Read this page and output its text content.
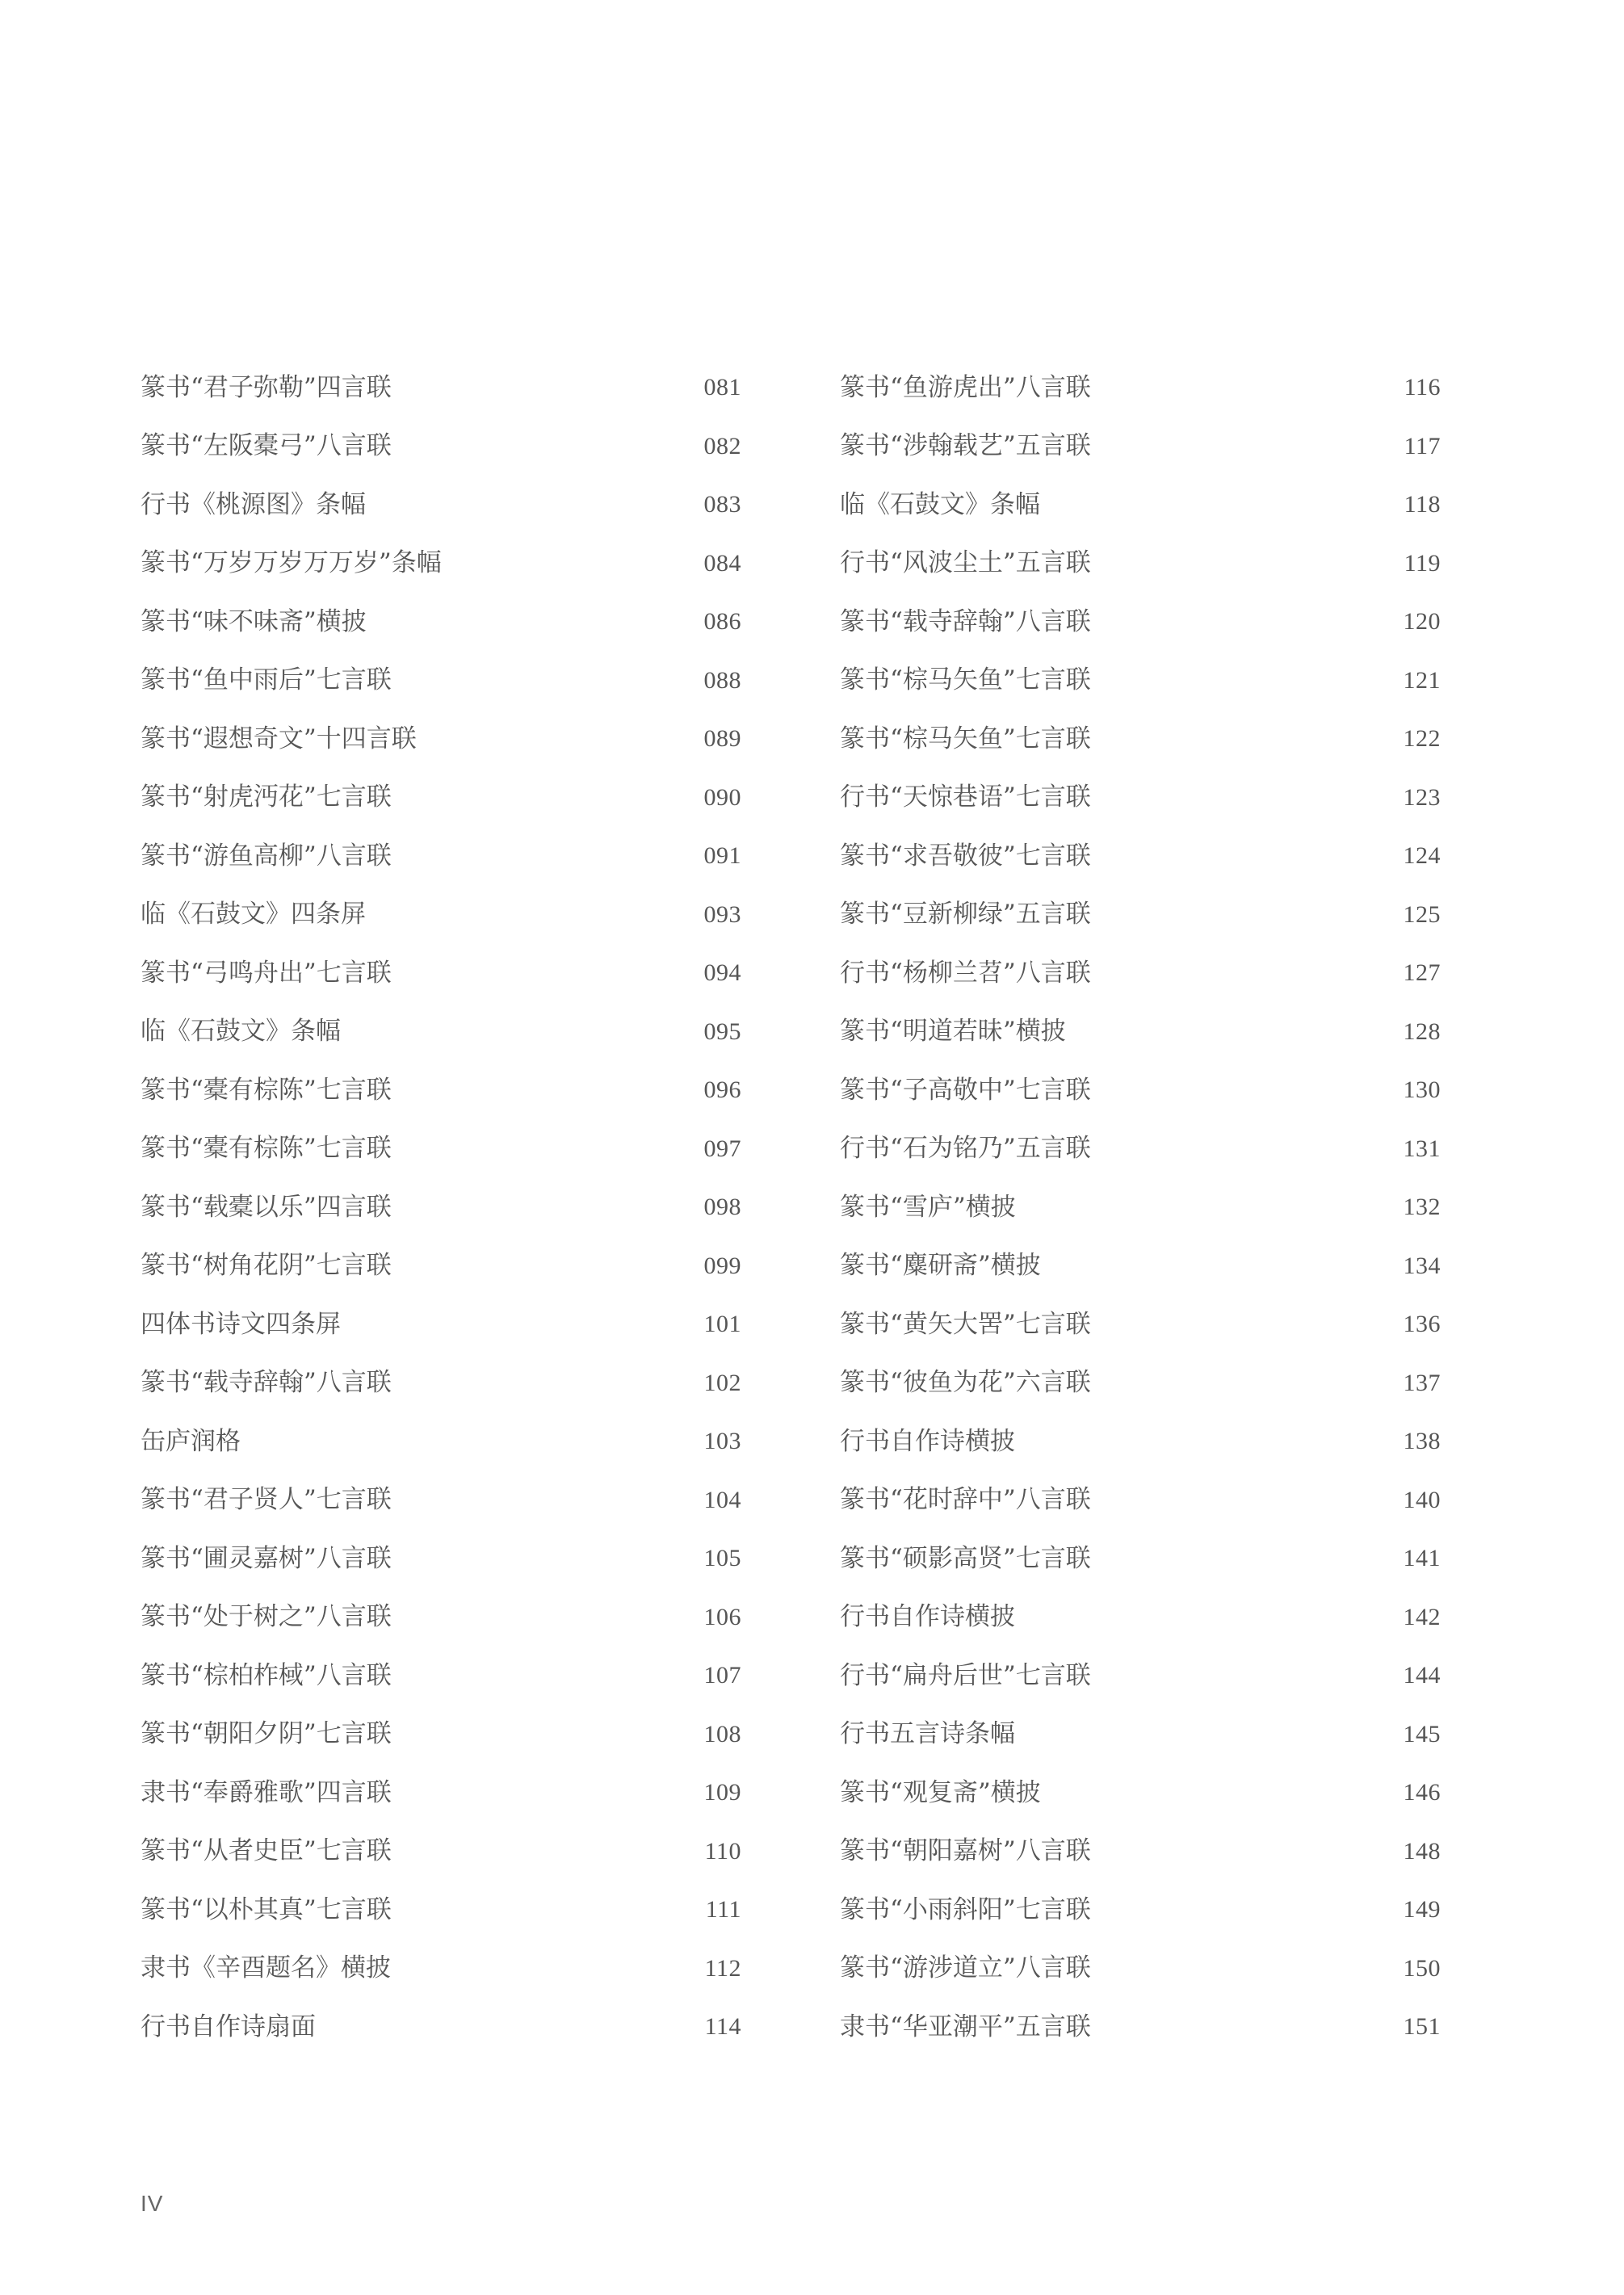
篆书“君子弥勒”四言联	081
篆书“左阪橐弓”八言联	082
行书《桃源图》条幅	083
篆书“万岁万岁万万岁”条幅	084
篆书“味不味斋”横披	086
篆书“鱼中雨后”七言联	088
篆书“遐想奇文”十四言联	089
篆书“射虎沔花”七言联	090
篆书“游鱼高柳”八言联	091
临《石鼓文》四条屏	093
篆书“弓鸣舟出”七言联	094
临《石鼓文》条幅	095
篆书“橐有棕陈”七言联	096
篆书“橐有棕陈”七言联	097
篆书“载橐以乐”四言联	098
篆书“树角花阴”七言联	099
四体书诗文四条屏	101
篆书“载寺辞翰”八言联	102
缶庐润格	103
篆书“君子贤人”七言联	104
篆书“圃灵嘉树”八言联	105
篆书“处于树之”八言联	106
篆书“棕柏柞棫”八言联	107
篆书“朝阳夕阴”七言联	108
隶书“奉爵雅歌”四言联	109
篆书“从者史臣”七言联	110
篆书“以朴其真”七言联	111
隶书《辛酉题名》横披	112
行书自作诗扇面	114
篆书“鱼游虎出”八言联	116
篆书“涉翰载艺”五言联	117
临《石鼓文》条幅	118
行书“风波尘土”五言联	119
篆书“载寺辞翰”八言联	120
篆书“棕马矢鱼”七言联	121
篆书“棕马矢鱼”七言联	122
行书“天惊巷语”七言联	123
篆书“求吾敬彼”七言联	124
篆书“豆新柳绿”五言联	125
行书“杨柳兰苕”八言联	127
篆书“明道若昧”横披	128
篆书“子高敬中”七言联	130
行书“石为铭乃”五言联	131
篆书“雪庐”横披	132
篆书“麋研斋”横披	134
篆书“黄矢大罟”七言联	136
篆书“彼鱼为花”六言联	137
行书自作诗横披	138
篆书“花时辞中”八言联	140
篆书“硕影高贤”七言联	141
行书自作诗横披	142
行书“扁舟后世”七言联	144
行书五言诗条幅	145
篆书“观复斋”横披	146
篆书“朝阳嘉树”八言联	148
篆书“小雨斜阳”七言联	149
篆书“游涉道立”八言联	150
隶书“华亚潮平”五言联	151
IV
